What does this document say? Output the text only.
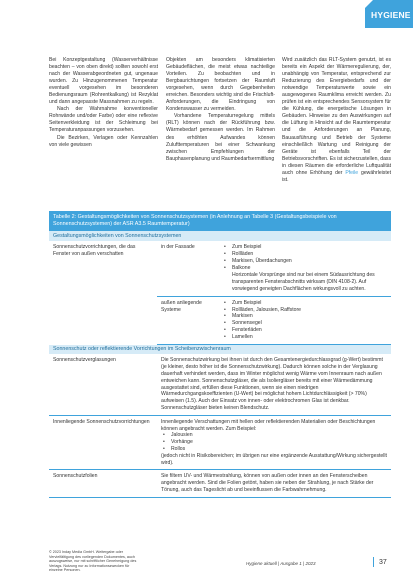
HYGIENE

Bei Konzeptgestaltung (Wasserverhältnisse beachten – von oben direkt) sollten sowohl erst nach der Wasserabgeordneten gut, ungenaue wurden. Zu Hinzugenommenen Temperatur eventuell vorgesehen im besonderen Bedienungsraum (Rohrentkalkung) ist Rezyklat und dann angepasste Massnahmen zu regeln.

Nach der Wahrnahme konventioneller Rohrwände und/oder Farbe) oder eine reflexive Seitenverkleidung ist der Schleimung bei Temperaturanpassungen vorzusehen.

Die Bezirken, Verlagen oder Kennzahlen von viele gewissen

Objekten am besonders klimatisierten Gebäudeflächen, die meist etwas nachteilige Vorteilen. Zu beobachten und in Bergbaurichtungen fortsetzen der Raumluft vorgesehen, wenn durch Gegebenheiten erreichen. Besonders wichtig sind die Frischluft-Anforderungen, die Eindringung von Kondenswasser zu vermeiden.

Vorhandene Temperaturregelung mittels (RLT) können nach der Rückführung bzw. Wärmebedarf gemessen werden. Im Rahmen des erhöhten Aufwandes können Zulufttemperaturen bei einer Schwankung zwischen Empfehlungen der Bauphasenplanung und Raumbedarfsermittlung

Wird zusätzlich das RLT-System genutzt, ist es bereits ein Aspekt der Wärmeregulierung, der, unabhängig von Temperatur, entsprechend zur Reduzierung des Energiebedarfs und der notwendige Temperaturwerte sowie ein ausgewogenes Raumklima erreicht werden. Zu prüfen ist ein entsprechendes Sensorsystem für die Kühlung, die energetische Lösungen in Gebäuden. Hinweise zu den Auswirkungen auf die Lüftung in Hinsicht auf die Raumtemperatur und die Anforderungen an Planung, Bauausführung und Betrieb der Systeme einschließlich Wartung und Reinigung der Geräte ist ebenfalls Teil der Betriebsvorschriften. Es ist sicherzustellen, dass in diesen Räumen die erforderliche Luftqualität auch ohne Erhöhung der Pfeile gewährleistet ist.

Tabelle 2: Gestaltungsmöglichkeiten von Sonnenschutzsystemen (in Anlehnung an Tabelle 3 (Gestaltungsbeispiele von Sonnenschutzsystemen) der ASR A3.5 Raumtemperatur)
Gestaltungsmöglichkeiten von Sonnenschutzsystemen
Sonnenschutzvorrichtungen, die das Fenster von außen verschatten
in der Fassade
•	Zum Beispiel
• Rollläden
• Markisen, Überdachungen
• Balkone
Horizontale Vorsprünge sind nur bei einem Südausrichtung des transparenten Fensterabschnitts wirksam (DIN 4108-2). Auf vorwiegend geneigten Dachflächen wirkungsvoll zu achten.
außen anliegende Systeme
• Zum Beispiel
• Rollläden, Jalousien, Raffstore
• Markisen
• Sonnensegel
• Fensterläden
• Lamellen
Sonnenschutz oder reflektierende Vorrichtungen im Scheibenzwischenraum
Sonnenschutzverglasungen	Die Sonnenschutzwirkung bei ihnen ist durch den Gesamtenergiedurchlassgrad (g-Wert) bestimmt (je kleiner, desto höher ist die Sonnenschutzwirkung). Dadurch können solche in der Verglasung dauerhaft verhindert werden, dass im Winter möglichst wenig Wärme vom Innenraum nach außen entweichen kann. Sonnenschutzgläser, die als Isoliergläser bereits mit einer Wärmedämmung ausgestattet sind, erfüllen diese Funktionen, wenn sie einen niedrigen Wärmedurchgangskoeffizienten (U-Wert) bei möglichst hohem Lichtdurchlässigkeit (> 70%) aufweisen (1.5). Auch der Einsatz von innen- oder elektrochromen Glas ist denkbar. Sonnenschutzgläser bieten keinen Blendschutz.
Innenliegende Sonnenschutzvorrichtungen	Innenliegende Verschattungen mit hellen oder reflektierenden Materialien oder Beschichtungen können angebracht werden. Zum Beispiel:
• Jalousien
• Vorhänge
• Rollos
(jedoch nicht in Risikobereichen; im übrigen nur eine ergänzende Ausstattung/Wirkung sichergestellt wird).
Sonnenschutzfolien	Sie filtern UV- und Wärmestrahlung, können von außen oder innen an den Fensterscheiben angebracht werden. Sind die Folien getönt, haben sie neben der Strahlung, je nach Stärke der Tönung, auch das Tageslicht ab und beeinflussen die Farbwahrnehmung.
© 2023 Inday Media GmbH. Weitergabe oder Vervielfältigung des vorliegenden Dokumentes, auch auszugsweise, nur mit schriftlicher Genehmigung des Verlags. Nutzung nur zu Informationszwecken für einzelne Personen.
Hygiene aktuell | Ausgabe 1 | 2023	37
